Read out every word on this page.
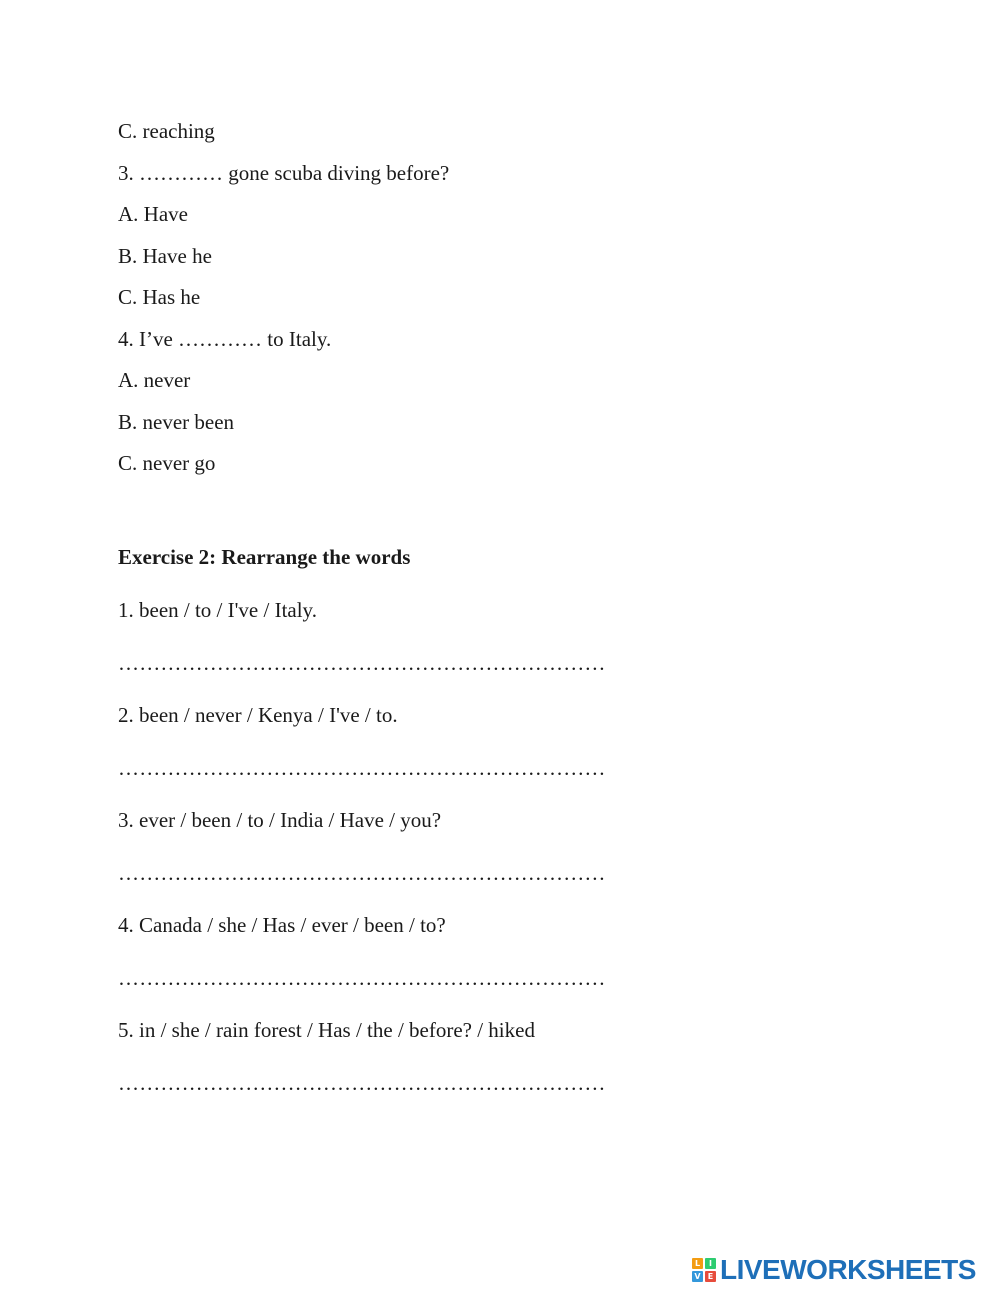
C. reaching
3. ………… gone scuba diving before?
A. Have
B. Have he
C. Has he
4. I’ve ………… to Italy.
A. never
B. never been
C. never go
Exercise 2: Rearrange the words
1. been / to / I've / Italy.
……………………………………………………………
2. been / never / Kenya / I've / to.
……………………………………………………………
3. ever / been / to / India / Have / you?
……………………………………………………………
4. Canada / she / Has / ever / been / to?
……………………………………………………………
5. in / she / rain forest / Has / the / before? / hiked
……………………………………………………………
L	I
V E LIVEWORKSHEETS
